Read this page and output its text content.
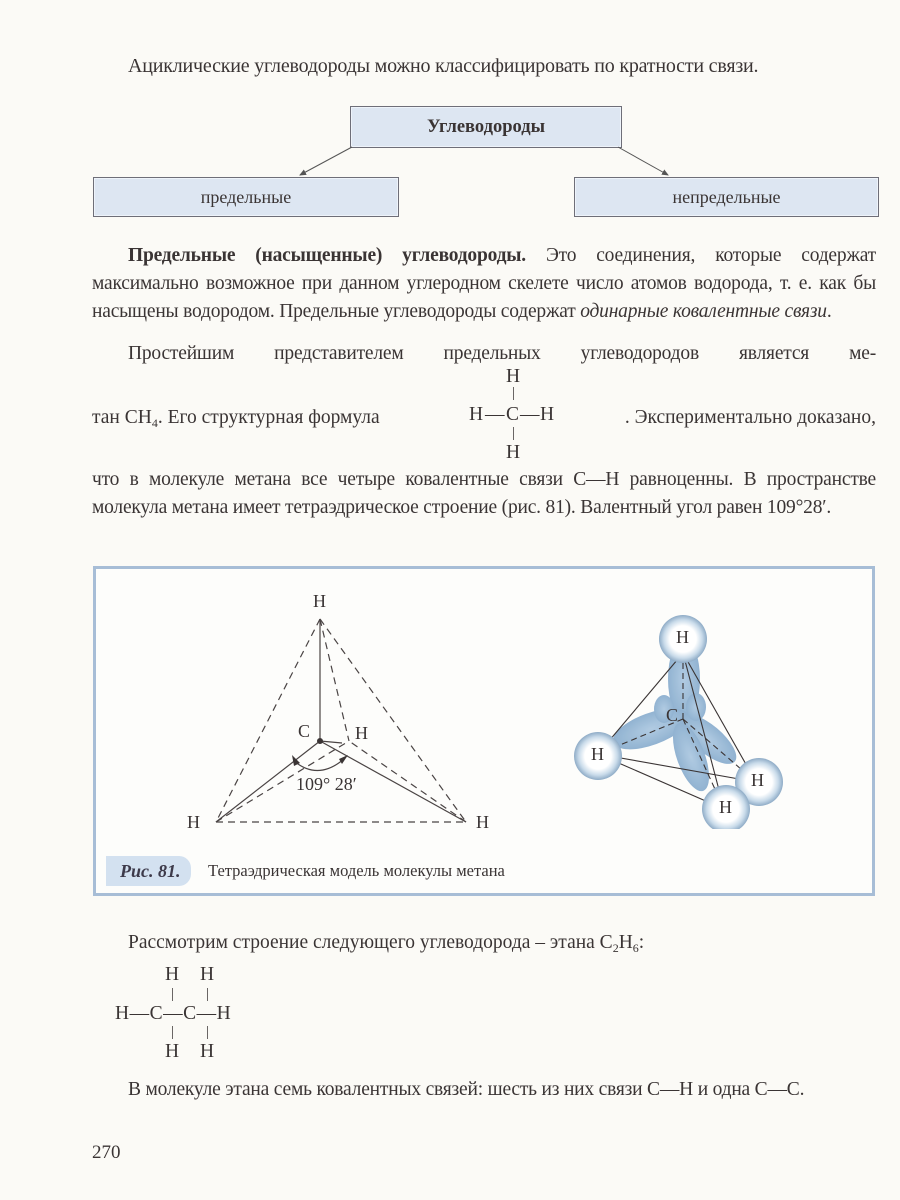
Ациклические углеводороды можно классифицировать по кратности связи.
Углеводороды
предельные	непредельные
Предельные (насыщенные) углеводороды. Это соединения, которые содержат максимально возможное при данном углеродном скелете число атомов водорода, т. е. как бы насыщены водородом. Предельные углеводороды содержат одинарные ковалентные связи.
Простейшим представителем предельных углеводородов является ме-
тан $CH_4$. Его структурная формула
H
|
H — C — H
|
H
. Экспериментально доказано,
что в молекуле метана все четыре ковалентные связи C—H равноценны. В пространстве молекула метана имеет тетраэдрическое строение (рис. 81). Валентный угол равен 109°28′.
H
C H
109° 28′
H	H
H
C
H
H
H
Рис. 81.	Тетраэдрическая модель молекулы метана
Рассмотрим строение следующего углеводорода – этана $C_2H_6$:
H H
| |
H—C—C—H
| |
H H
В молекуле этана семь ковалентных связей: шесть из них связи C—H и одна C—C.
270
